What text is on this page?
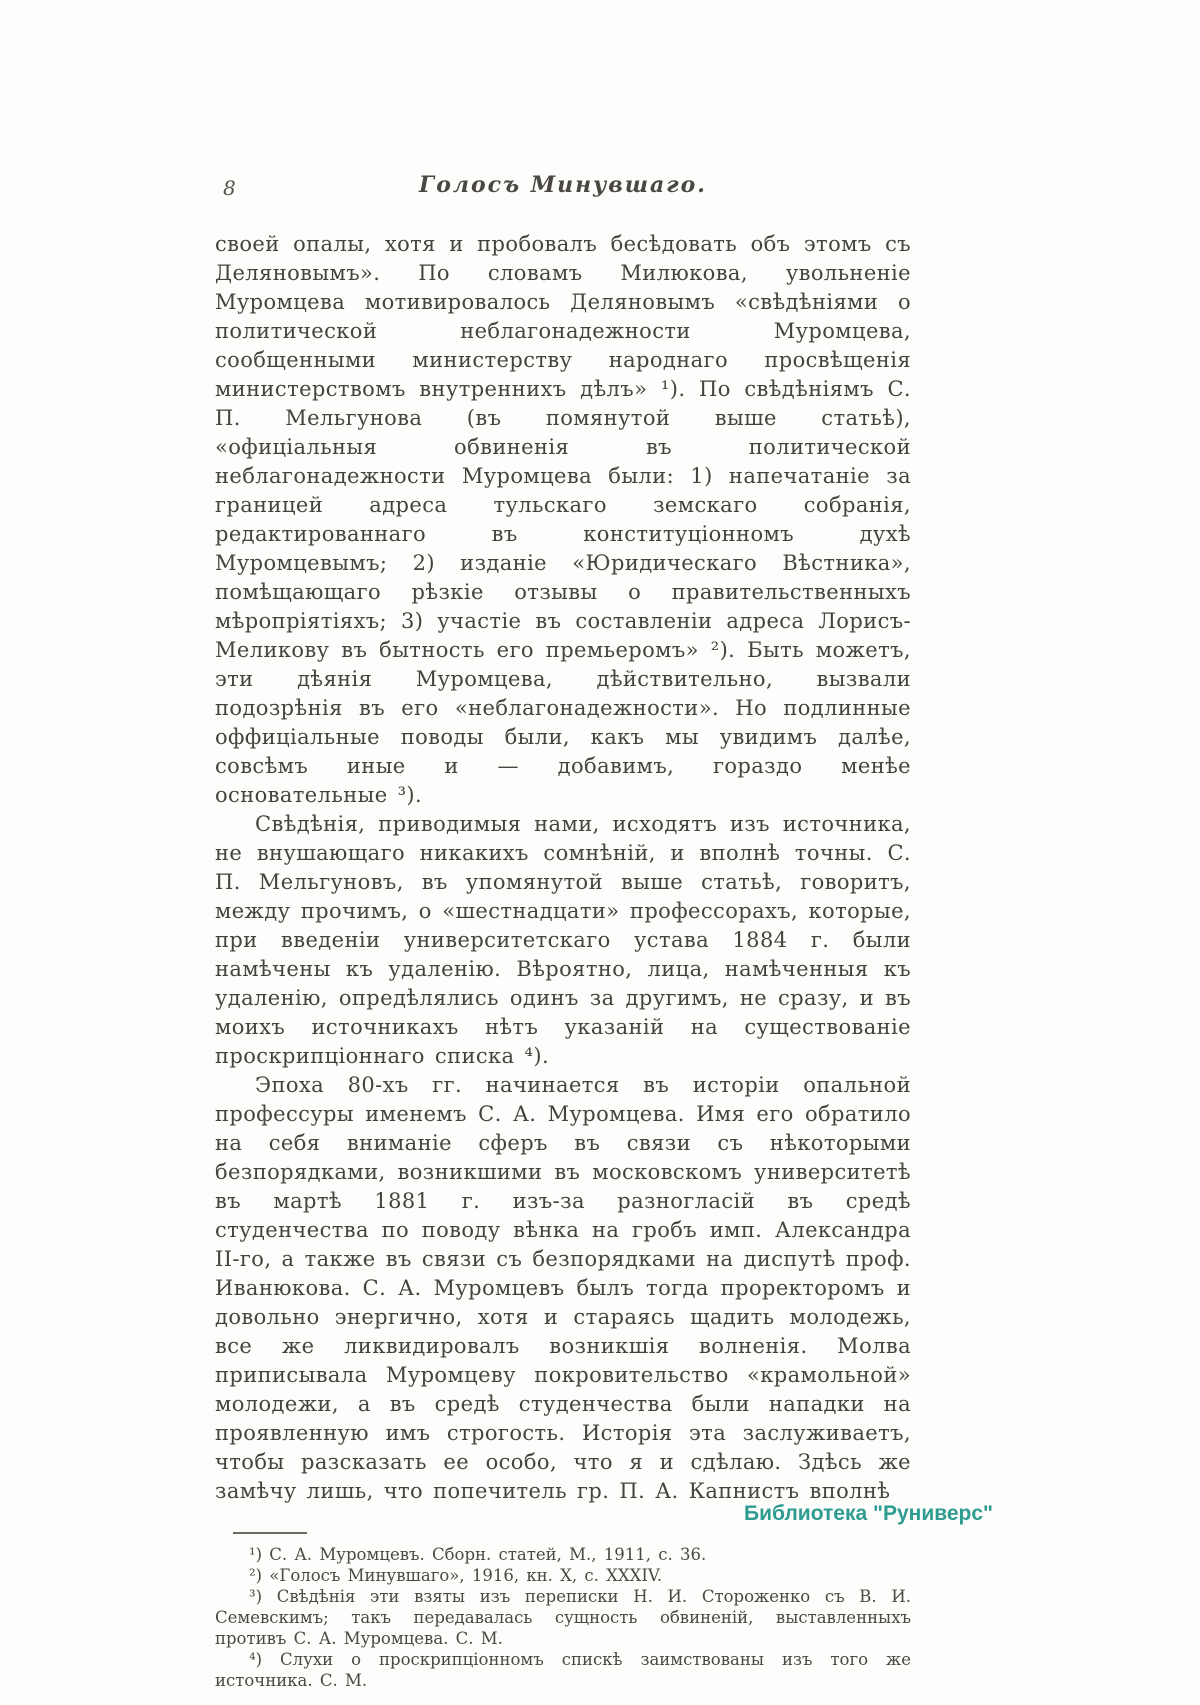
8	Голосъ Минувшаго.

своей опалы, хотя и пробовалъ бесѣдовать объ этомъ съ Деляновымъ». По словамъ Милюкова, увольненіе Муромцева мотивировалось Деляновымъ «свѣдѣніями о политической неблагонадежности Муромцева, сообщенными министерству народнаго просвѣщенія министерствомъ внутреннихъ дѣлъ» ¹). По свѣдѣніямъ С. П. Мельгунова (въ помянутой выше статьѣ), «офиціальныя обвиненія въ политической неблагонадежности Муромцева были: 1) напечатаніе за границей адреса тульскаго земскаго собранія, редактированнаго въ конституціонномъ духѣ Муромцевымъ; 2) изданіе «Юридическаго Вѣстника», помѣщающаго рѣзкіе отзывы о правительственныхъ мѣропріятіяхъ; 3) участіе въ составленіи адреса Лорисъ-Меликову въ бытность его премьеромъ» ²). Быть можетъ, эти дѣянія Муромцева, дѣйствительно, вызвали подозрѣнія въ его «неблагонадежности». Но подлинные оффиціальные поводы были, какъ мы увидимъ далѣе, совсѣмъ иные и — добавимъ, гораздо менѣе основательные ³).

Свѣдѣнія, приводимыя нами, исходятъ изъ источника, не внушающаго никакихъ сомнѣній, и вполнѣ точны. С. П. Мельгуновъ, въ упомянутой выше статьѣ, говоритъ, между прочимъ, о «шестнадцати» профессорахъ, которые, при введеніи университетскаго устава 1884 г. были намѣчены къ удаленію. Вѣроятно, лица, намѣченныя къ удаленію, опредѣлялись одинъ за другимъ, не сразу, и въ моихъ источникахъ нѣтъ указаній на существованіе проскрипціоннаго списка ⁴).

Эпоха 80-хъ гг. начинается въ исторіи опальной профессуры именемъ С. А. Муромцева. Имя его обратило на себя вниманіе сферъ въ связи съ нѣкоторыми безпорядками, возникшими въ московскомъ университетѣ въ мартѣ 1881 г. изъ-за разногласій въ средѣ студенчества по поводу вѣнка на гробъ имп. Александра II-го, а также въ связи съ безпорядками на диспутѣ проф. Иванюкова. С. А. Муромцевъ былъ тогда проректоромъ и довольно энергично, хотя и стараясь щадить молодежь, все же ликвидировалъ возникшія волненія. Молва приписывала Муромцеву покровительство «крамольной» молодежи, а въ средѣ студенчества были нападки на проявленную имъ строгость. Исторія эта заслуживаетъ, чтобы разсказать ее особо, что я и сдѣлаю. Здѣсь же замѣчу лишь, что попечитель гр. П. А. Капнистъ вполнѣ

¹) С. А. Муромцевъ. Сборн. статей, М., 1911, с. 36.

²) «Голосъ Минувшаго», 1916, кн. X, с. XXXIV.

³) Свѣдѣнія эти взяты изъ переписки Н. И. Стороженко съ В. И. Семевскимъ; такъ передавалась сущность обвиненій, выставленныхъ противъ С. А. Муромцева. С. М.

⁴) Слухи о проскрипціонномъ спискѣ заимствованы изъ того же источника. С. М.

Библиотека "Руниверс"
